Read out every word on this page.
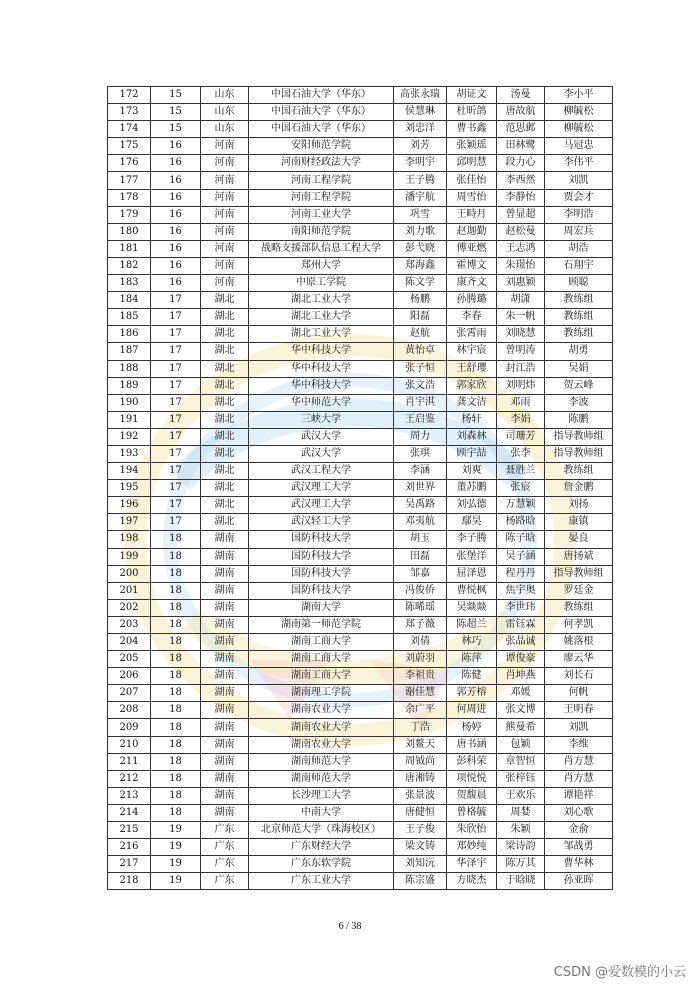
172	15	山东	中国石油大学（华东）	高张永瑞	胡证文	汤曼	李小平
173	15	山东	中国石油大学（华东）	侯慧琳	杜昕鸽	唐故航	柳毓松
174	15	山东	中国石油大学（华东）	刘忠洋	曹书鑫	范思邺	柳毓松
175	16	河南	安阳师范学院	刘芳	张颖瑶	田林鹭	马冠忠
176	16	河南	河南财经政法大学	李明宇	邱明慧	段力心	李伟平
177	16	河南	河南工程学院	王子腾	张佳怡	李西然	刘凯
178	16	河南	河南工程学院	潘宇航	周雪怡	李静怡	贾会才
179	16	河南	河南工业大学	巩雪	王畤月	曾显超	李明浩
180	16	河南	南阳师范学院	刘力歌	赵迦勤	赵松曼	周宏兵
181	16	河南	战略支援部队信息工程大学	彭弋晓	傅亚燃	王志鸿	胡浩
182	16	河南	郑州大学	郑海鑫	霍博文	朱璟怡	石翔宇
183	16	河南	中原工学院	陈文学	康齐文	刘惠颖	顾聪
184	17	湖北	湖北工业大学	杨鹏	孙腾璐	胡潇	教练组
185	17	湖北	湖北工业大学	阳磊	李春	朱一帆	教练组
186	17	湖北	湖北工业大学	赵航	张霄雨	刘晓慧	教练组
187	17	湖北	华中科技大学	黄怡卓	林宇宸	曾明涛	胡勇
188	17	湖北	华中科技大学	张子恒	王舒璎	封江浩	吴娟
189	17	湖北	华中科技大学	张文浩	郭家欣	刘明炜	贺云峰
190	17	湖北	华中师范大学	肖宇淇	龚文洁	邓雨	李波
191	17	湖北	三峡大学	王启鉴	杨轩	李娟	陈鹏
192	17	湖北	武汉大学	周力	刘森林	司珊芳	指导教师组
193	17	湖北	武汉大学	张琪	顾宇喆	张李	指导教师组
194	17	湖北	武汉工程大学	李涵	刘爽	聂胜兰	教练组
195	17	湖北	武汉理工大学	刘世界	董苏鹏	张宸	詹金鹏
196	17	湖北	武汉理工大学	吴禹路	刘弘德	万慧颖	刘扬
197	17	湖北	武汉轻工大学	邓夷航	鄢昊	杨路晗	康镇
198	18	湖南	国防科技大学	胡玉	李子腾	陈子晗	晏良
199	18	湖南	国防科技大学	田磊	张堡洋	吴子涵	唐扬斌
200	18	湖南	国防科技大学	邹嘉	屈泽恩	程丹丹	指导教师组
201	18	湖南	国防科技大学	冯俊侨	曹悦枫	焦宇奥	罗廷金
202	18	湖南	湖南大学	陈晞瑶	吴燚燚	李世玮	教练组
203	18	湖南	湖南第一师范学院	郑子薇	陈超兰	雷钰霖	何孝凯
204	18	湖南	湖南工商大学	刘倩	林巧	张晶诚	姚落根
205	18	湖南	湖南工商大学	刘蔚羽	陈萍	谭俊豪	廖云华
206	18	湖南	湖南工商大学	李祖贵	陈健	肖坤燕	刘长石
207	18	湖南	湖南理工学院	谢佳慧	郭芳榕	邓媛	何帆
208	18	湖南	湖南农业大学	余广平	何周进	张文博	王明春
209	18	湖南	湖南农业大学	丁浩	杨婷	熊曼希	刘凯
210	18	湖南	湖南农业大学	刘鳌天	唐书涵	包颖	李维
211	18	湖南	湖南师范大学	周钺尚	彭科荣	章智恒	肖方慧
212	18	湖南	湖南师范大学	唐湘铸	项悦悦	张梓钰	肖方慧
213	18	湖南	长沙理工大学	张景波	贺馥晨	王欢乐	谭艳祥
214	18	湖南	中南大学	唐健恒	曾格毓	周婪	刘心歌
215	19	广东	北京师范大学（珠海校区）	王子俊	朱欣怡	朱颖	金俞
216	19	广东	广东财经大学	梁文铸	郑妙纯	梁诗韵	邹战勇
217	19	广东	广东东软学院	刘知沅	华泽宇	陈万其	曹华林
218	19	广东	广东工业大学	陈宗盛	方晓杰	于晗晓	孙亚晖
6 / 38
CSDN @爱数模的小云
